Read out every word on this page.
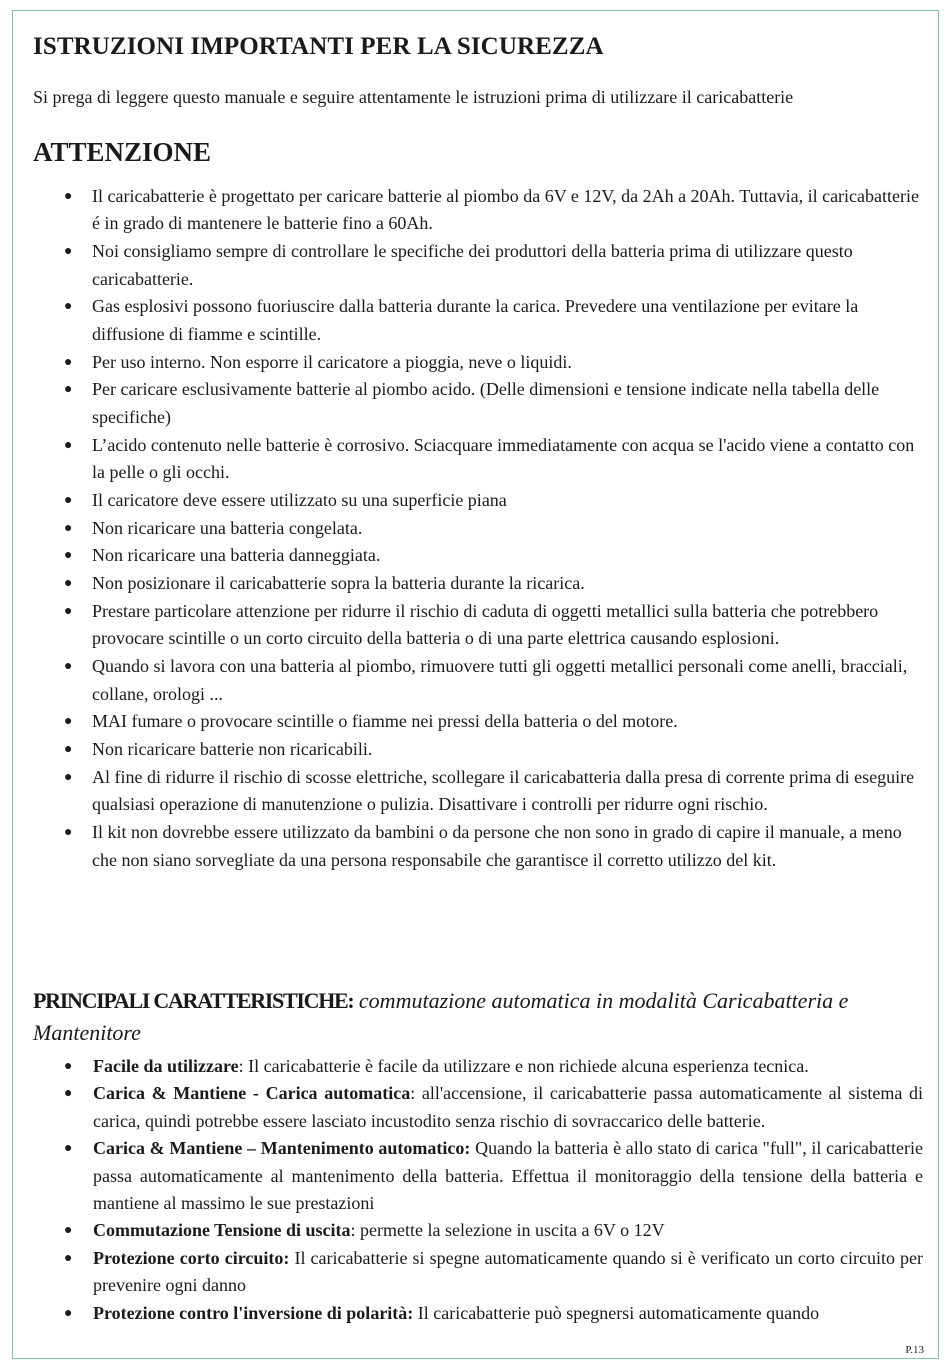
ISTRUZIONI IMPORTANTI PER LA SICUREZZA

Si prega di leggere questo manuale e seguire attentamente le istruzioni prima di utilizzare il caricabatterie

ATTENZIONE
● Il caricabatterie è progettato per caricare batterie al piombo da 6V e 12V, da 2Ah a 20Ah. Tuttavia, il caricabatterie é in grado di mantenere le batterie fino a 60Ah.
● Noi consigliamo sempre di controllare le specifiche dei produttori della batteria prima di utilizzare questo caricabatterie.
● Gas esplosivi possono fuoriuscire dalla batteria durante la carica. Prevedere una ventilazione per evitare la diffusione di fiamme e scintille.
● Per uso interno. Non esporre il caricatore a pioggia, neve o liquidi.
● Per caricare esclusivamente batterie al piombo acido. (Delle dimensioni e tensione indicate nella tabella delle specifiche)
● L’acido contenuto nelle batterie è corrosivo. Sciacquare immediatamente con acqua se l'acido viene a contatto con la pelle o gli occhi.
● Il caricatore deve essere utilizzato su una superficie piana
● Non ricaricare una batteria congelata.
● Non ricaricare una batteria danneggiata.
● Non posizionare il caricabatterie sopra la batteria durante la ricarica.
● Prestare particolare attenzione per ridurre il rischio di caduta di oggetti metallici sulla batteria che potrebbero provocare scintille o un corto circuito della batteria o di una parte elettrica causando esplosioni.
● Quando si lavora con una batteria al piombo, rimuovere tutti gli oggetti metallici personali come anelli, bracciali, collane, orologi ...
● MAI fumare o provocare scintille o fiamme nei pressi della batteria o del motore.
● Non ricaricare batterie non ricaricabili.
● Al fine di ridurre il rischio di scosse elettriche, scollegare il caricabatteria dalla presa di corrente prima di eseguire qualsiasi operazione di manutenzione o pulizia. Disattivare i controlli per ridurre ogni rischio.
● Il kit non dovrebbe essere utilizzato da bambini o da persone che non sono in grado di capire il manuale, a meno che non siano sorvegliate da una persona responsabile che garantisce il corretto utilizzo del kit.

PRINCIPALI CARATTERISTICHE: commutazione automatica in modalità Caricabatteria e Mantenitore

● Facile da utilizzare: Il caricabatterie è facile da utilizzare e non richiede alcuna esperienza tecnica.
● Carica & Mantiene - Carica automatica: all'accensione, il caricabatterie passa automaticamente al sistema di carica, quindi potrebbe essere lasciato incustodito senza rischio di sovraccarico delle batterie.
● Carica & Mantiene – Mantenimento automatico: Quando la batteria è allo stato di carica "full", il caricabatterie passa automaticamente al mantenimento della batteria. Effettua il monitoraggio della tensione della batteria e mantiene al massimo le sue prestazioni
● Commutazione Tensione di uscita: permette la selezione in uscita a 6V o 12V
● Protezione corto circuito: Il caricabatterie si spegne automaticamente quando si è verificato un corto circuito per prevenire ogni danno
● Protezione contro l'inversione di polarità: Il caricabatterie può spegnersi automaticamente quando
P.13
